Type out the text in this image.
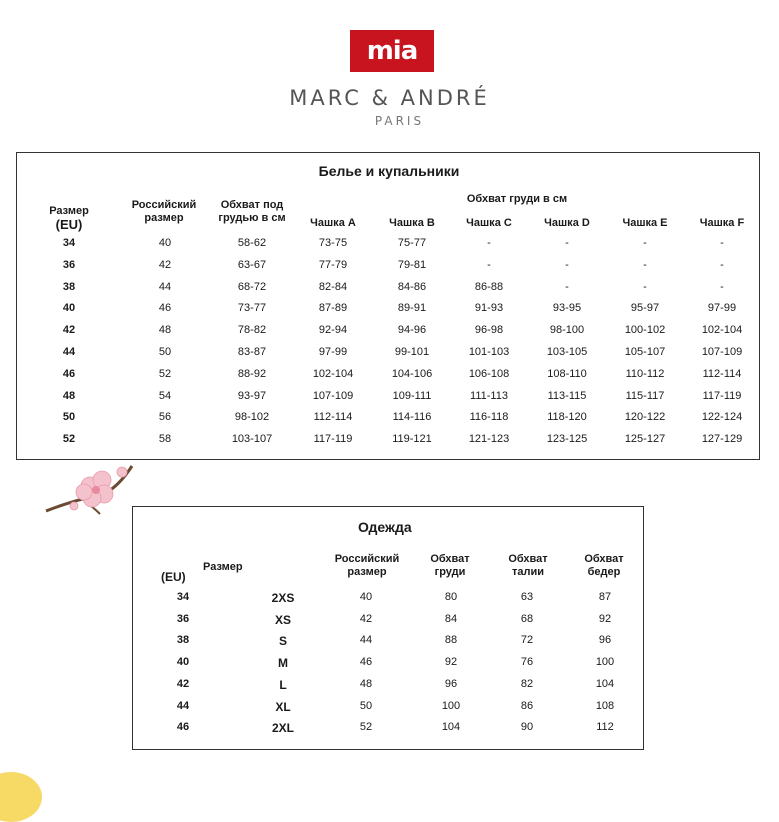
mia
MARC & ANDRÉ
PARIS
Белье и купальники
Размер
(EU)
Российский
размер
Обхват под
грудью в см
Обхват груди в см
Чашка A	Чашка B	Чашка C	Чашка D	Чашка E	Чашка F
34	40	58-62	73-75	75-77	-	-	-	-
36	42	63-67	77-79	79-81	-	-	-	-
38	44	68-72	82-84	84-86	86-88	-	-	-
40	46	73-77	87-89	89-91	91-93	93-95	95-97	97-99
42	48	78-82	92-94	94-96	96-98	98-100	100-102	102-104
44	50	83-87	97-99	99-101	101-103	103-105	105-107	107-109
46	52	88-92	102-104	104-106	106-108	108-110	110-112	112-114
48	54	93-97	107-109	109-111	111-113	113-115	115-117	117-119
50	56	98-102	112-114	114-116	116-118	118-120	120-122	122-124
52	58	103-107	117-119	119-121	121-123	123-125	125-127	127-129
Одежда
Размер
(EU)
Российский
размер
Обхват
груди
Обхват
талии
Обхват
бедер
34	2XS	40	80	63	87
36	XS	42	84	68	92
38	S	44	88	72	96
40	M	46	92	76	100
42	L	48	96	82	104
44	XL	50	100	86	108
46	2XL	52	104	90	112
